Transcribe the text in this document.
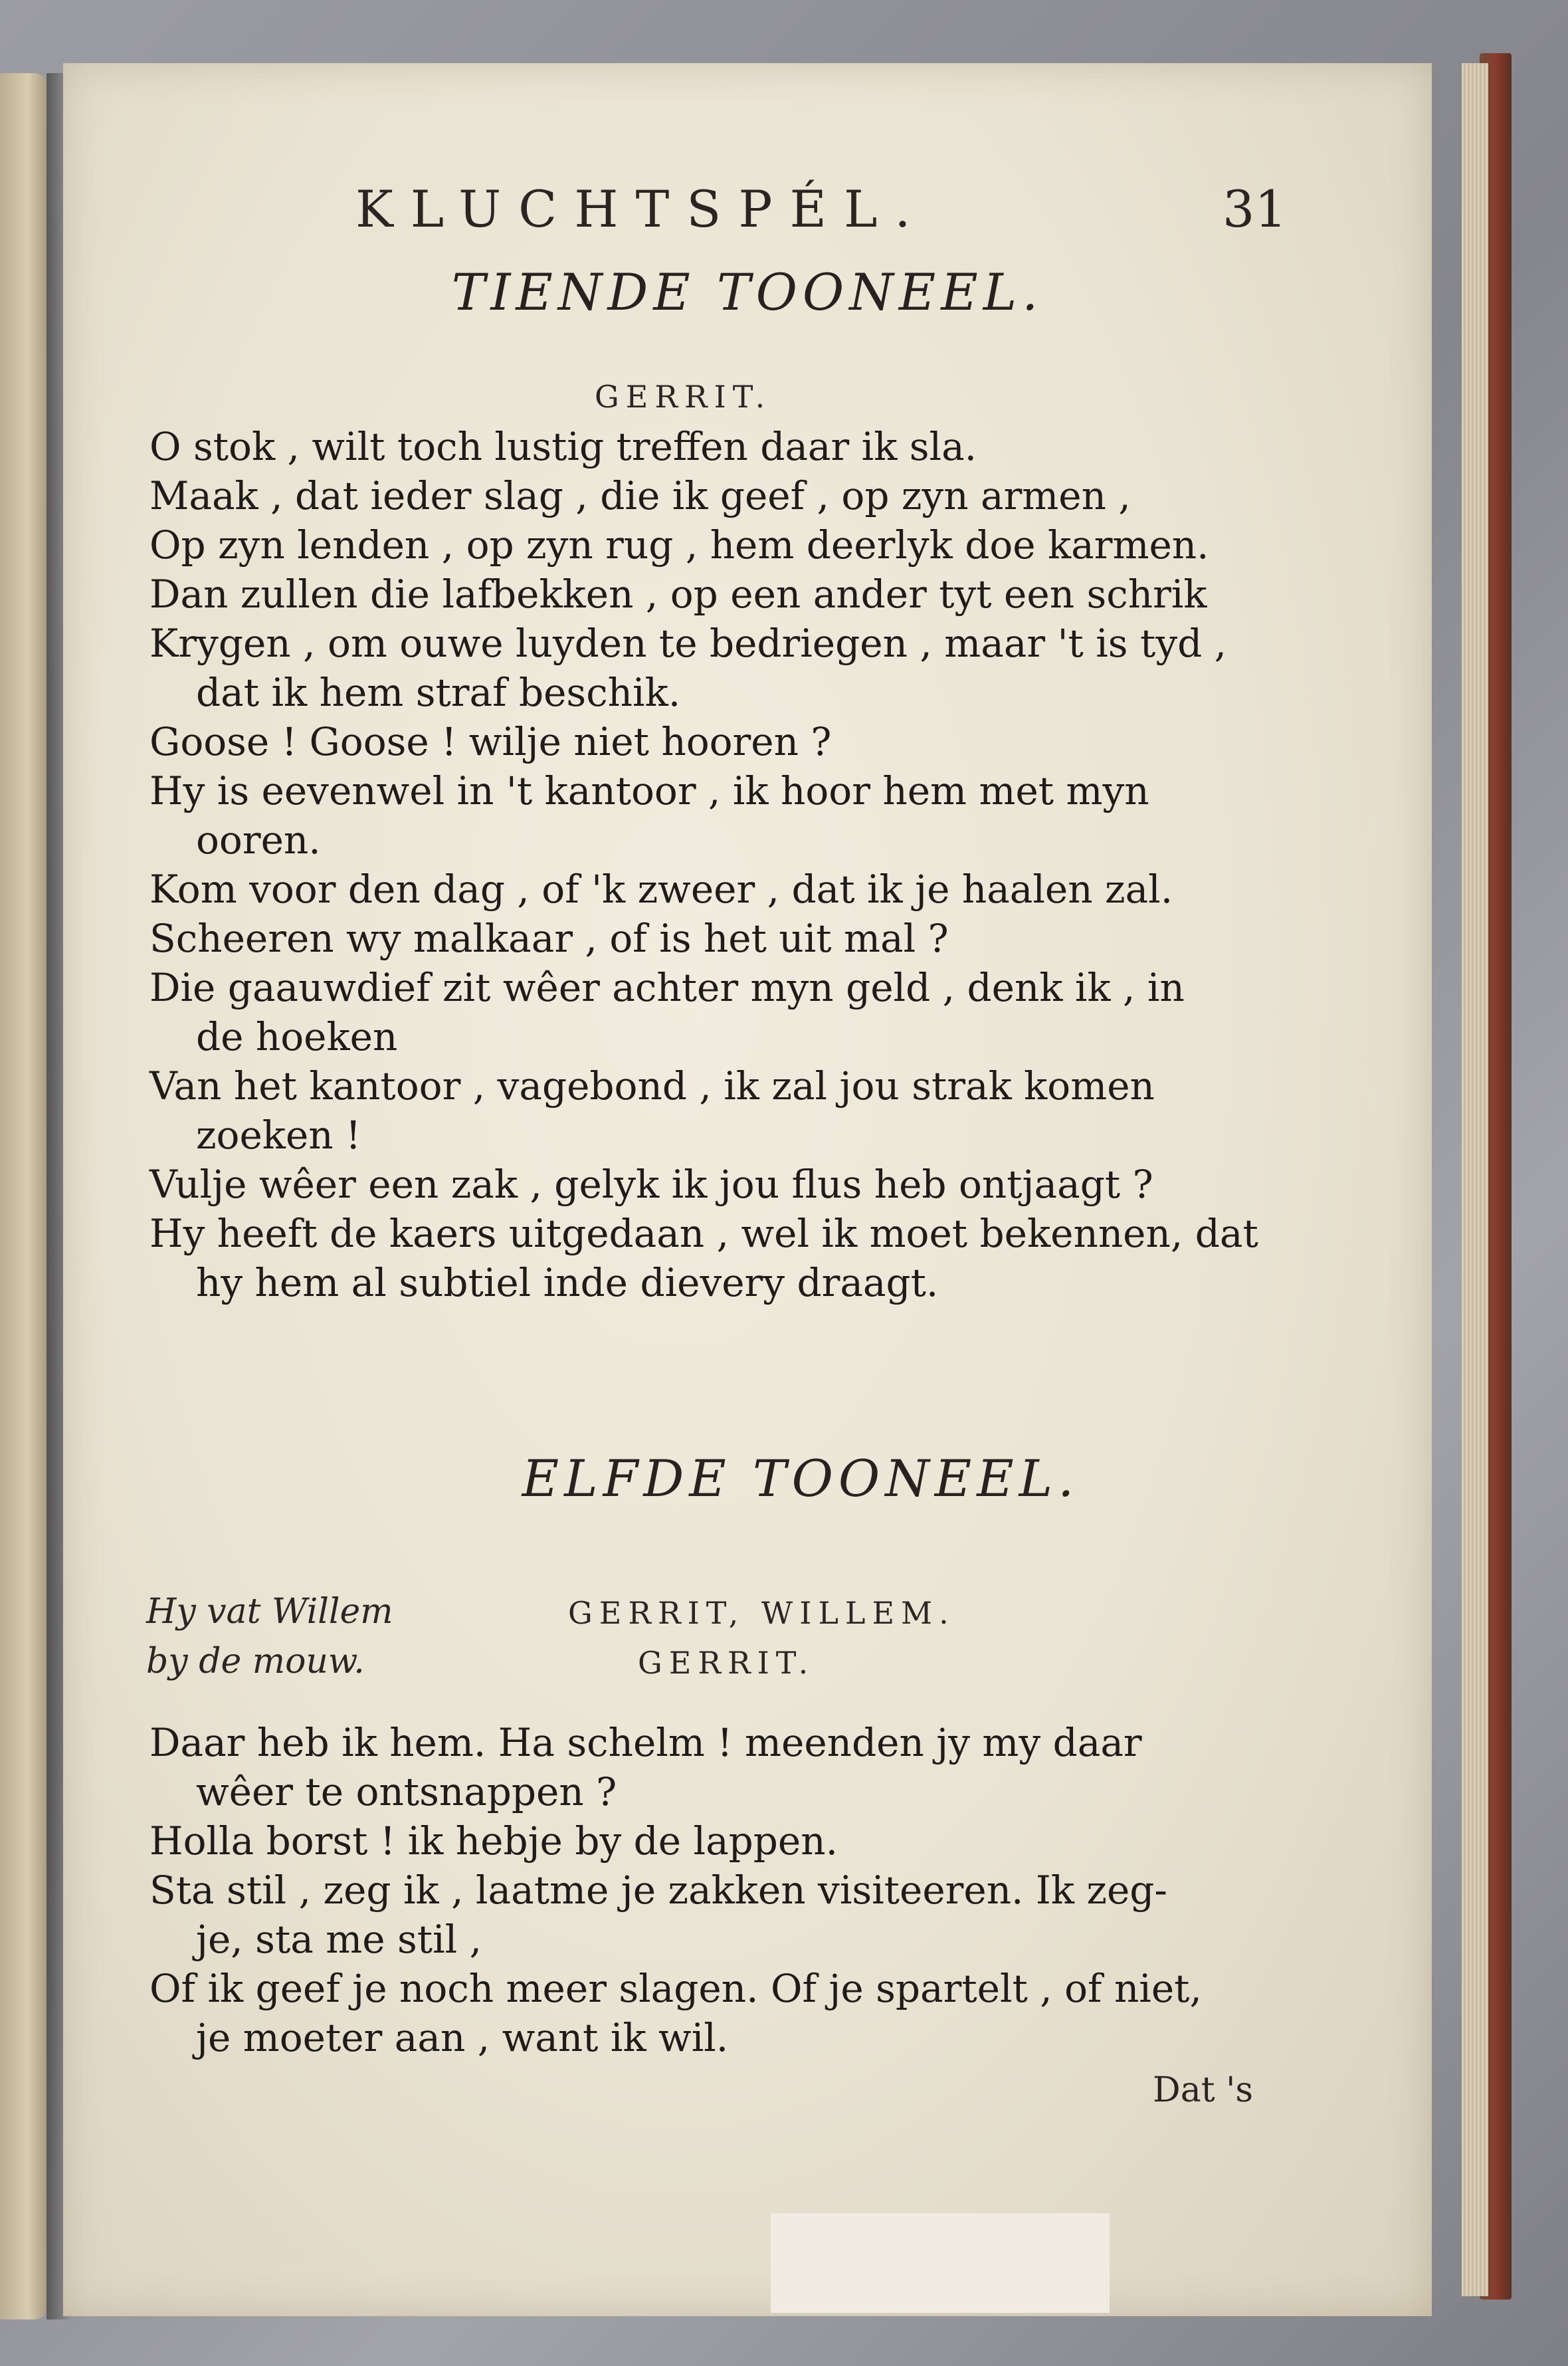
KLUCHTSPÉL.	31
TIENDE TOONEEL.
GERRIT.
O stok , wilt toch lustig treffen daar ik sla.
Maak , dat ieder slag , die ik geef , op zyn armen ,
Op zyn lenden , op zyn rug , hem deerlyk doe karmen.
Dan zullen die lafbekken , op een ander tyt een schrik
Krygen , om ouwe luyden te bedriegen , maar 't is tyd ,
dat ik hem straf beschik.
Goose ! Goose ! wilje niet hooren ?
Hy is eevenwel in 't kantoor , ik hoor hem met myn
ooren.
Kom voor den dag , of 'k zweer , dat ik je haalen zal.
Scheeren wy malkaar , of is het uit mal ?
Die gaauwdief zit wêer achter myn geld , denk ik , in
de hoeken
Van het kantoor , vagebond , ik zal jou strak komen
zoeken !
Vulje wêer een zak , gelyk ik jou flus heb ontjaagt ?
Hy heeft de kaers uitgedaan , wel ik moet bekennen, dat
hy hem al subtiel inde dievery draagt.
ELFDE TOONEEL.
Hy vat Willem
by de mouw.
GERRIT, WILLEM.
GERRIT.
Daar heb ik hem. Ha schelm ! meenden jy my daar
wêer te ontsnappen ?
Holla borst ! ik hebje by de lappen.
Sta stil , zeg ik , laatme je zakken visiteeren. Ik zeg-
je, sta me stil ,
Of ik geef je noch meer slagen. Of je spartelt , of niet,
je moeter aan , want ik wil.
Dat 's
